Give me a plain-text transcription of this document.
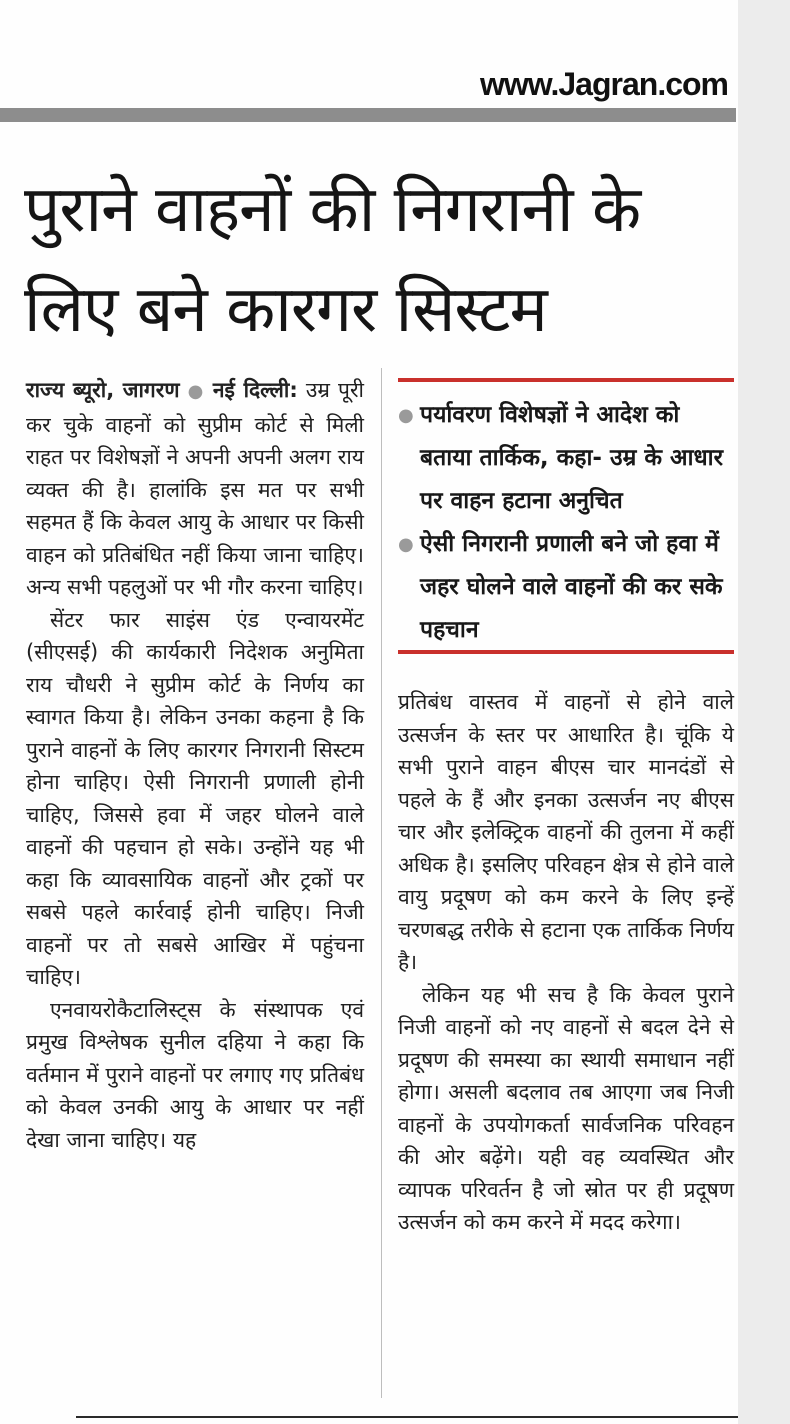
www.Jagran.com
पुराने वाहनों की निगरानी के लिए बने कारगर सिस्टम

राज्य ब्यूरो, जागरण ● नई दिल्ली: उम्र पूरी कर चुके वाहनों को सुप्रीम कोर्ट से मिली राहत पर विशेषज्ञों ने अपनी अपनी अलग राय व्यक्त की है। हालांकि इस मत पर सभी सहमत हैं कि केवल आयु के आधार पर किसी वाहन को प्रतिबंधित नहीं किया जाना चाहिए। अन्य सभी पहलुओं पर भी गौर करना चाहिए।

सेंटर फार साइंस एंड एन्वायरमेंट (सीएसई) की कार्यकारी निदेशक अनुमिता राय चौधरी ने सुप्रीम कोर्ट के निर्णय का स्वागत किया है। लेकिन उनका कहना है कि पुराने वाहनों के लिए कारगर निगरानी सिस्टम होना चाहिए। ऐसी निगरानी प्रणाली होनी चाहिए, जिससे हवा में जहर घोलने वाले वाहनों की पहचान हो सके। उन्होंने यह भी कहा कि व्यावसायिक वाहनों और ट्रकों पर सबसे पहले कार्रवाई होनी चाहिए। निजी वाहनों पर तो सबसे आखिर में पहुंचना चाहिए।

एनवायरोकैटालिस्ट्स के संस्थापक एवं प्रमुख विश्लेषक सुनील दहिया ने कहा कि वर्तमान में पुराने वाहनों पर लगाए गए प्रतिबंध को केवल उनकी आयु के आधार पर नहीं देखा जाना चाहिए। यह

● पर्यावरण विशेषज्ञों ने आदेश को बताया तार्किक, कहा- उम्र के आधार पर वाहन हटाना अनुचित
● ऐसी निगरानी प्रणाली बने जो हवा में जहर घोलने वाले वाहनों की कर सके पहचान

प्रतिबंध वास्तव में वाहनों से होने वाले उत्सर्जन के स्तर पर आधारित है। चूंकि ये सभी पुराने वाहन बीएस चार मानदंडों से पहले के हैं और इनका उत्सर्जन नए बीएस चार और इलेक्ट्रिक वाहनों की तुलना में कहीं अधिक है। इसलिए परिवहन क्षेत्र से होने वाले वायु प्रदूषण को कम करने के लिए इन्हें चरणबद्ध तरीके से हटाना एक तार्किक निर्णय है।

लेकिन यह भी सच है कि केवल पुराने निजी वाहनों को नए वाहनों से बदल देने से प्रदूषण की समस्या का स्थायी समाधान नहीं होगा। असली बदलाव तब आएगा जब निजी वाहनों के उपयोगकर्ता सार्वजनिक परिवहन की ओर बढ़ेंगे। यही वह व्यवस्थित और व्यापक परिवर्तन है जो स्रोत पर ही प्रदूषण उत्सर्जन को कम करने में मदद करेगा।
